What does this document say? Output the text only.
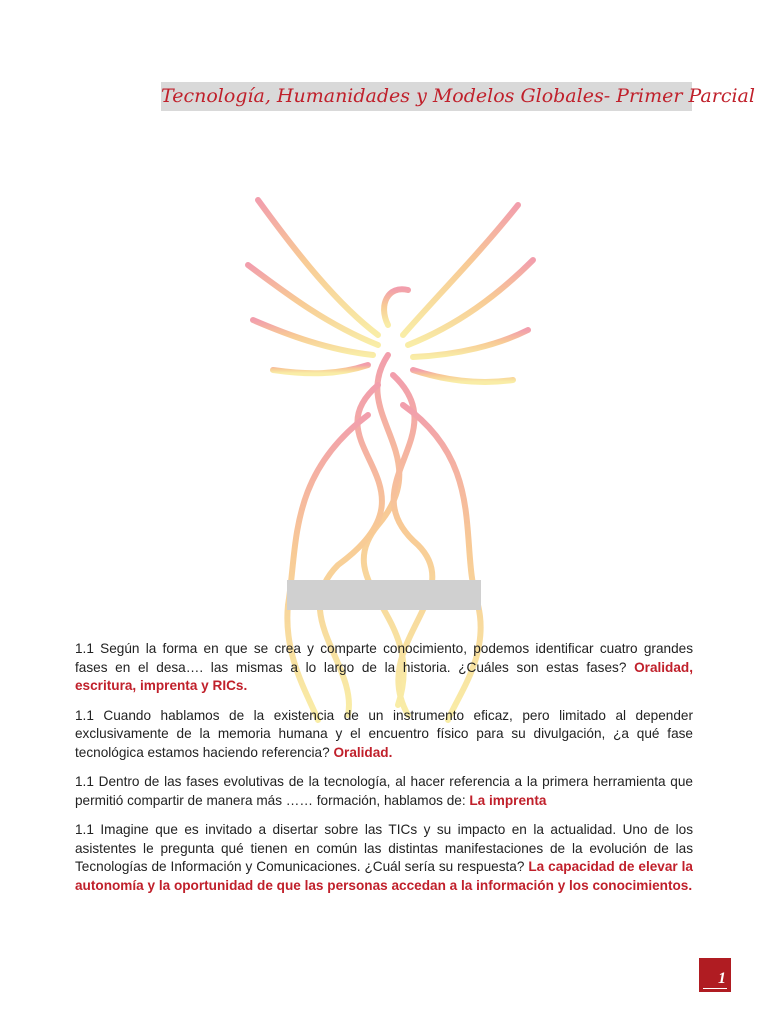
Tecnología, Humanidades y Modelos Globales- Primer Parcial

1.1 Según la forma en que se crea y comparte conocimiento, podemos identificar cuatro grandes fases en el desa…. las mismas a lo largo de la historia. ¿Cuáles son estas fases? Oralidad, escritura, imprenta y RICs.

1.1 Cuando hablamos de la existencia de un instrumento eficaz, pero limitado al depender exclusivamente de la memoria humana y el encuentro físico para su divulgación, ¿a qué fase tecnológica estamos haciendo referencia? Oralidad.

1.1 Dentro de las fases evolutivas de la tecnología, al hacer referencia a la primera herramienta que permitió compartir de manera más …… formación, hablamos de: La imprenta

1.1 Imagine que es invitado a disertar sobre las TICs y su impacto en la actualidad. Uno de los asistentes le pregunta qué tienen en común las distintas manifestaciones de la evolución de las Tecnologías de Información y Comunicaciones. ¿Cuál sería su respuesta? La capacidad de elevar la autonomía y la oportunidad de que las personas accedan a la información y los conocimientos.

1
